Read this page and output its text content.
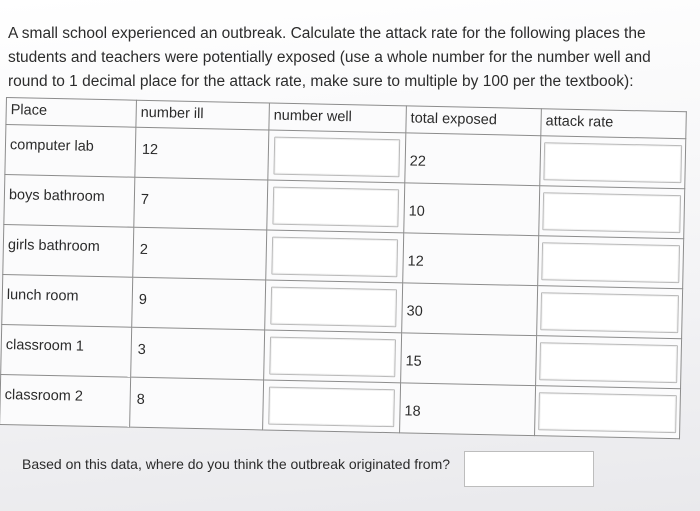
A small school experienced an outbreak. Calculate the attack rate for the following places the students and teachers were potentially exposed (use a whole number for the number well and round to 1 decimal place for the attack rate, make sure to multiple by 100 per the textbook):
Place	number ill	number well	total exposed	attack rate

computer lab	12		22	

boys bathroom	7		10	

girls bathroom	2		12	

lunch room	9		30	

classroom 1	3		15	

classroom 2	8		18	

Based on this data, where do you think the outbreak originated from?
